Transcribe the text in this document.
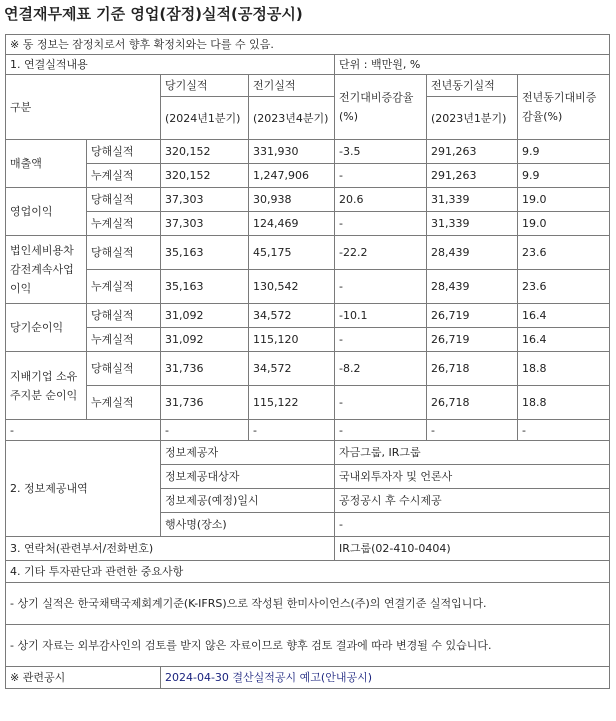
연결재무제표 기준 영업(잠정)실적(공정공시)
※ 동 정보는 잠정치로서 향후 확정치와는 다를 수 있음.						
1. 연결실적내용				단위 : 백만원, %		
구분		당기실적	전기실적	전기대비증감율(%)	전년동기실적	전년동기대비증감율(%)
		(2024년1분기)	(2023년4분기)		(2023년1분기)	
매출액	당해실적	320,152	331,930	-3.5	291,263	9.9
	누계실적	320,152	1,247,906	-	291,263	9.9
영업이익	당해실적	37,303	30,938	20.6	31,339	19.0
	누계실적	37,303	124,469	-	31,339	19.0
법인세비용차감전계속사업이익	당해실적	35,163	45,175	-22.2	28,439	23.6
	누계실적	35,163	130,542	-	28,439	23.6
당기순이익	당해실적	31,092	34,572	-10.1	26,719	16.4
	누계실적	31,092	115,120	-	26,719	16.4
지배기업 소유주지분 순이익	당해실적	31,736	34,572	-8.2	26,718	18.8
	누계실적	31,736	115,122	-	26,718	18.8
-		-	-	-	-	-
2. 정보제공내역		정보제공자		자금그룹, IR그룹		
		정보제공대상자		국내외투자자 및 언론사		
		정보제공(예정)일시		공정공시 후 수시제공		
		행사명(장소)		-		
3. 연락처(관련부서/전화번호)				IR그룹(02-410-0404)		
4. 기타 투자판단과 관련한 중요사항						
- 상기 실적은 한국채택국제회계기준(K-IFRS)으로 작성된 한미사이언스(주)의 연결기준 실적입니다.						
- 상기 자료는 외부감사인의 검토를 받지 않은 자료이므로 향후 검토 결과에 따라 변경될 수 있습니다.						
※ 관련공시		2024-04-30 결산실적공시 예고(안내공시)				
